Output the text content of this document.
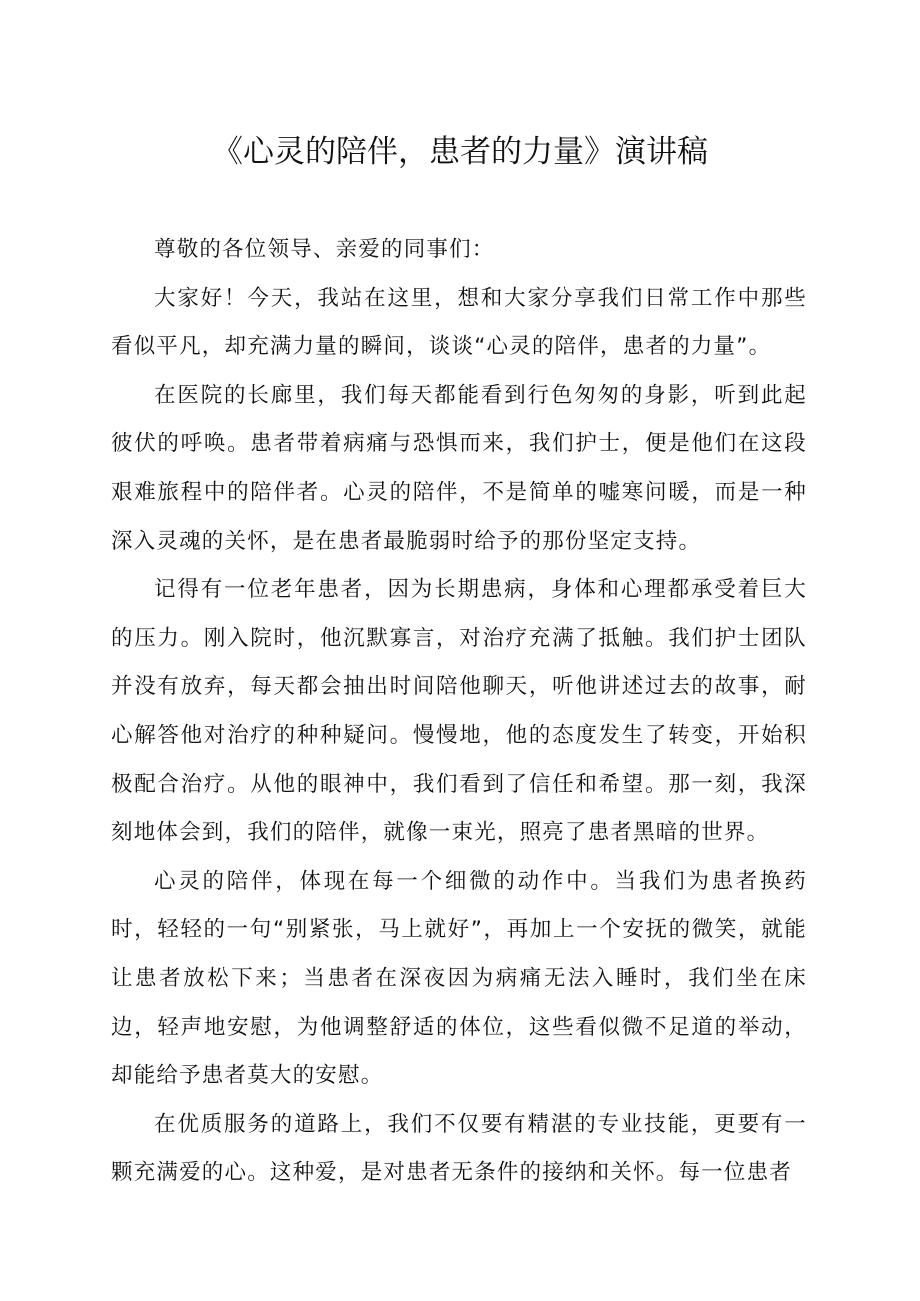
《心灵的陪伴，患者的力量》演讲稿

尊敬的各位领导、亲爱的同事们：

大家好！今天，我站在这里，想和大家分享我们日常工作中那些看似平凡，却充满力量的瞬间，谈谈“心灵的陪伴，患者的力量”。

在医院的长廊里，我们每天都能看到行色匆匆的身影，听到此起彼伏的呼唤。患者带着病痛与恐惧而来，我们护士，便是他们在这段艰难旅程中的陪伴者。心灵的陪伴，不是简单的嘘寒问暖，而是一种深入灵魂的关怀，是在患者最脆弱时给予的那份坚定支持。

记得有一位老年患者，因为长期患病，身体和心理都承受着巨大的压力。刚入院时，他沉默寡言，对治疗充满了抵触。我们护士团队并没有放弃，每天都会抽出时间陪他聊天，听他讲述过去的故事，耐心解答他对治疗的种种疑问。慢慢地，他的态度发生了转变，开始积极配合治疗。从他的眼神中，我们看到了信任和希望。那一刻，我深刻地体会到，我们的陪伴，就像一束光，照亮了患者黑暗的世界。

心灵的陪伴，体现在每一个细微的动作中。当我们为患者换药时，轻轻的一句“别紧张，马上就好”，再加上一个安抚的微笑，就能让患者放松下来；当患者在深夜因为病痛无法入睡时，我们坐在床边，轻声地安慰，为他调整舒适的体位，这些看似微不足道的举动，却能给予患者莫大的安慰。

在优质服务的道路上，我们不仅要有精湛的专业技能，更要有一颗充满爱的心。这种爱，是对患者无条件的接纳和关怀。每一位患者
